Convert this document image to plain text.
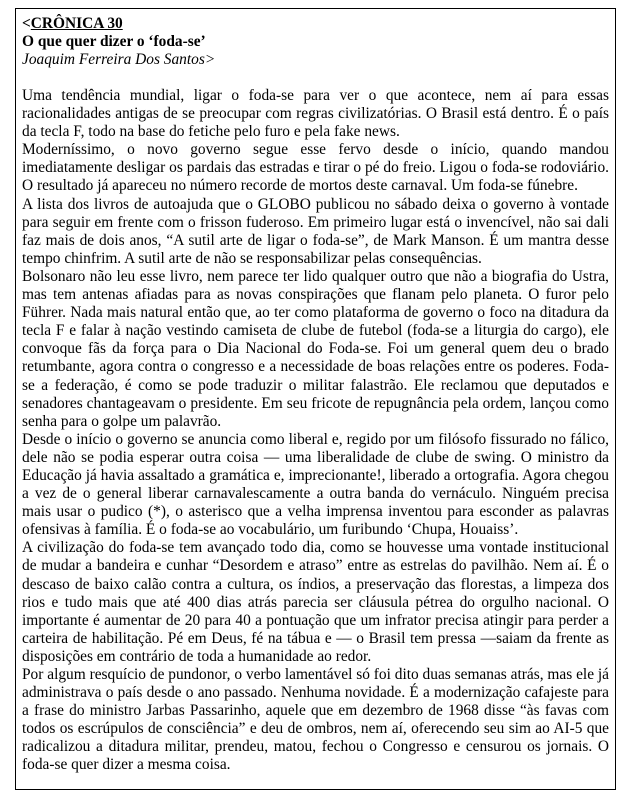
<CRÔNICA 30
O que quer dizer o ‘foda-se’
Joaquim Ferreira Dos Santos>

Uma tendência mundial, ligar o foda-se para ver o que acontece, nem aí para essas racionalidades antigas de se preocupar com regras civilizatórias. O Brasil está dentro. É o país da tecla F, todo na base do fetiche pelo furo e pela fake news.

Moderníssimo, o novo governo segue esse fervo desde o início, quando mandou imediatamente desligar os pardais das estradas e tirar o pé do freio. Ligou o foda-se rodoviário. O resultado já apareceu no número recorde de mortos deste carnaval. Um foda-se fúnebre.

A lista dos livros de autoajuda que o GLOBO publicou no sábado deixa o governo à vontade para seguir em frente com o frisson fuderoso. Em primeiro lugar está o invencível, não sai dali faz mais de dois anos, “A sutil arte de ligar o foda-se”, de Mark Manson. É um mantra desse tempo chinfrim. A sutil arte de não se responsabilizar pelas consequências.

Bolsonaro não leu esse livro, nem parece ter lido qualquer outro que não a biografia do Ustra, mas tem antenas afiadas para as novas conspirações que flanam pelo planeta. O furor pelo Führer. Nada mais natural então que, ao ter como plataforma de governo o foco na ditadura da tecla F e falar à nação vestindo camiseta de clube de futebol (foda-se a liturgia do cargo), ele convoque fãs da força para o Dia Nacional do Foda-se. Foi um general quem deu o brado retumbante, agora contra o congresso e a necessidade de boas relações entre os poderes. Foda-se a federação, é como se pode traduzir o militar falastrão. Ele reclamou que deputados e senadores chantageavam o presidente. Em seu fricote de repugnância pela ordem, lançou como senha para o golpe um palavrão.

Desde o início o governo se anuncia como liberal e, regido por um filósofo fissurado no fálico, dele não se podia esperar outra coisa — uma liberalidade de clube de swing. O ministro da Educação já havia assaltado a gramática e, imprecionante!, liberado a ortografia. Agora chegou a vez de o general liberar carnavalescamente a outra banda do vernáculo. Ninguém precisa mais usar o pudico (*), o asterisco que a velha imprensa inventou para esconder as palavras ofensivas à família. É o foda-se ao vocabulário, um furibundo ‘Chupa, Houaiss’.

A civilização do foda-se tem avançado todo dia, como se houvesse uma vontade institucional de mudar a bandeira e cunhar “Desordem e atraso” entre as estrelas do pavilhão. Nem aí. É o descaso de baixo calão contra a cultura, os índios, a preservação das florestas, a limpeza dos rios e tudo mais que até 400 dias atrás parecia ser cláusula pétrea do orgulho nacional. O importante é aumentar de 20 para 40 a pontuação que um infrator precisa atingir para perder a carteira de habilitação. Pé em Deus, fé na tábua e — o Brasil tem pressa —saiam da frente as disposições em contrário de toda a humanidade ao redor.

Por algum resquício de pundonor, o verbo lamentável só foi dito duas semanas atrás, mas ele já administrava o país desde o ano passado. Nenhuma novidade. É a modernização cafajeste para a frase do ministro Jarbas Passarinho, aquele que em dezembro de 1968 disse “às favas com todos os escrúpulos de consciência” e deu de ombros, nem aí, oferecendo seu sim ao AI-5 que radicalizou a ditadura militar, prendeu, matou, fechou o Congresso e censurou os jornais. O foda-se quer dizer a mesma coisa.
